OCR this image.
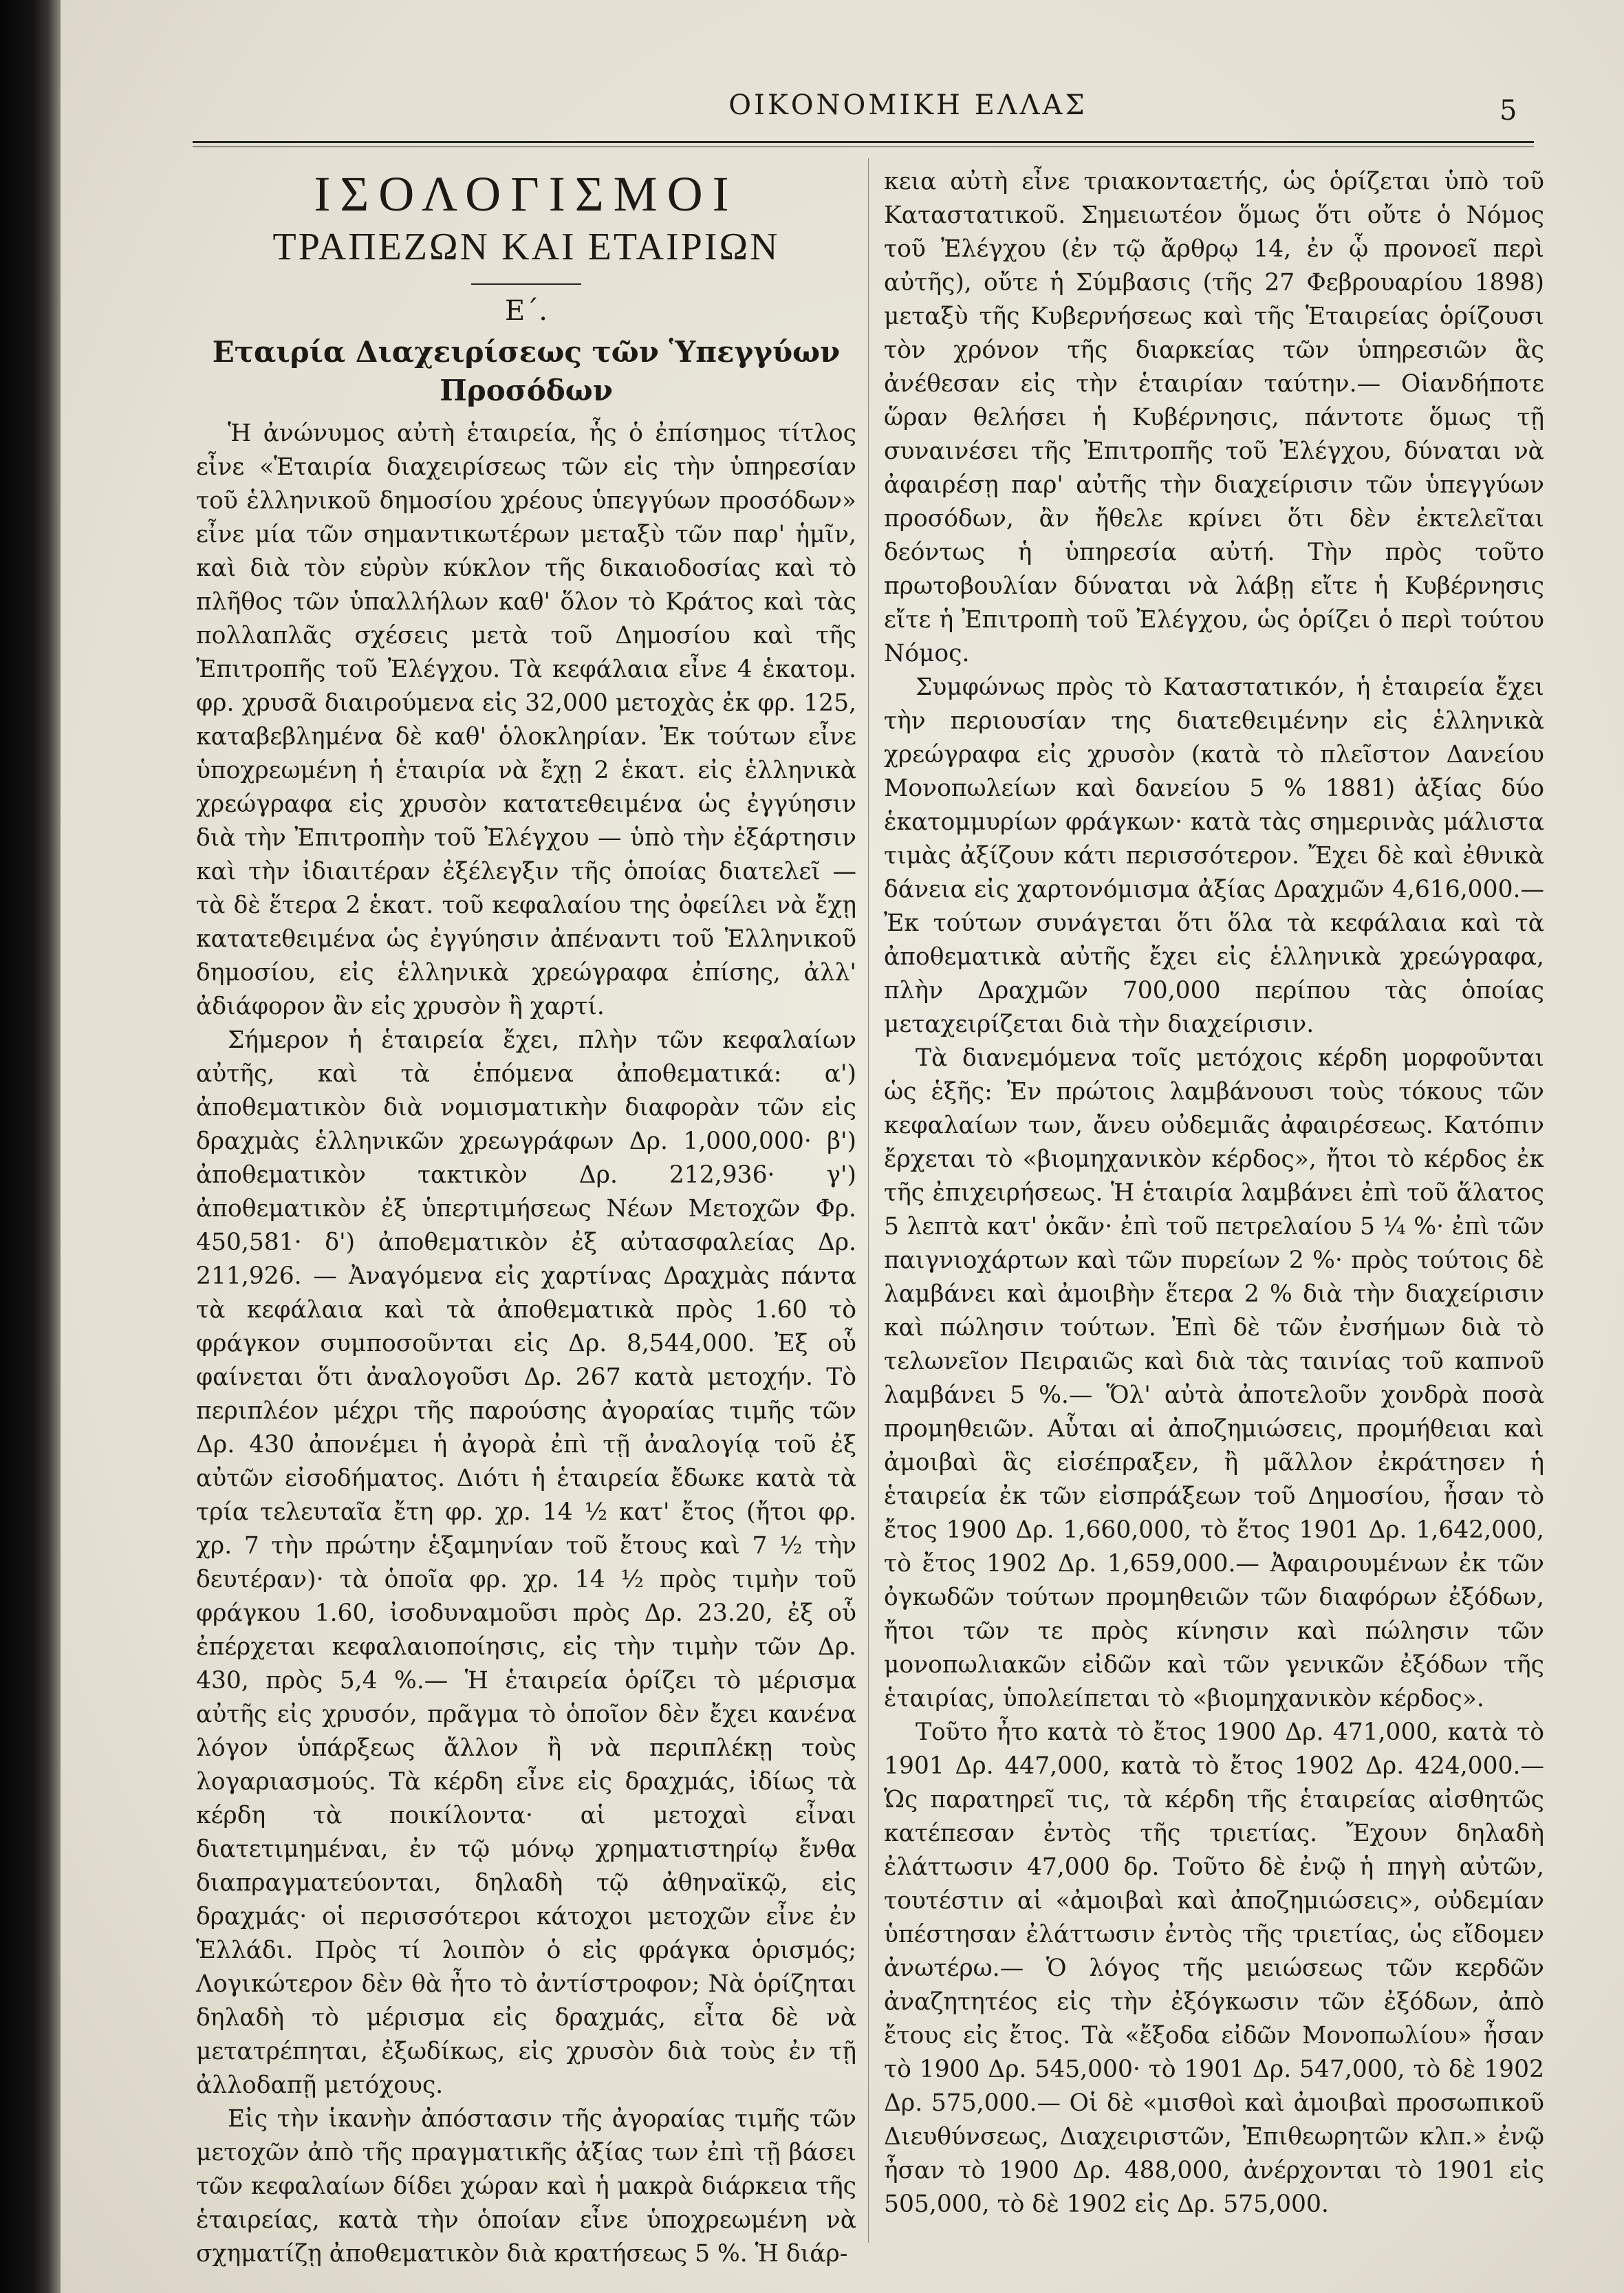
ΟΙΚΟΝΟΜΙΚΗ ΕΛΛΑΣ	5
ΙΣΟΛΟΓΙΣΜΟΙ
ΤΡΑΠΕΖΩΝ ΚΑΙ ΕΤΑΙΡΙΩΝ
Ε΄.
Εταιρία Διαχειρίσεως τῶν Ὑπεγγύων Προσόδων

Ἡ ἀνώνυμος αὐτὴ ἑταιρεία, ἧς ὁ ἐπίσημος τίτλος εἶνε «Ἑταιρία διαχειρίσεως τῶν εἰς τὴν ὑπηρεσίαν τοῦ ἑλληνικοῦ δημοσίου χρέους ὑπεγγύων προσόδων» εἶνε μία τῶν σημαντικωτέρων μεταξὺ τῶν παρ' ἡμῖν, καὶ διὰ τὸν εὐρὺν κύκλον τῆς δικαιοδοσίας καὶ τὸ πλῆθος τῶν ὑπαλλήλων καθ' ὅλον τὸ Κράτος καὶ τὰς πολλαπλᾶς σχέσεις μετὰ τοῦ Δημοσίου καὶ τῆς Ἐπιτροπῆς τοῦ Ἐλέγχου. Τὰ κεφάλαια εἶνε 4 ἑκατομ. φρ. χρυσᾶ διαιρούμενα εἰς 32,000 μετοχὰς ἐκ φρ. 125, καταβεβλημένα δὲ καθ' ὁλοκληρίαν. Ἐκ τούτων εἶνε ὑποχρεωμένη ἡ ἑταιρία νὰ ἔχῃ 2 ἑκατ. εἰς ἑλληνικὰ χρεώγραφα εἰς χρυσὸν κατατεθειμένα ὡς ἐγγύησιν διὰ τὴν Ἐπιτροπὴν τοῦ Ἐλέγχου — ὑπὸ τὴν ἐξάρτησιν καὶ τὴν ἰδιαιτέραν ἐξέλεγξιν τῆς ὁποίας διατελεῖ — τὰ δὲ ἕτερα 2 ἑκατ. τοῦ κεφαλαίου της ὀφείλει νὰ ἔχῃ κατατεθειμένα ὡς ἐγγύησιν ἀπέναντι τοῦ Ἑλληνικοῦ δημοσίου, εἰς ἑλληνικὰ χρεώγραφα ἐπίσης, ἀλλ' ἀδιάφορον ἂν εἰς χρυσὸν ἢ χαρτί.

Σήμερον ἡ ἑταιρεία ἔχει, πλὴν τῶν κεφαλαίων αὐτῆς, καὶ τὰ ἑπόμενα ἀποθεματικά: α') ἀποθεματικὸν διὰ νομισματικὴν διαφορὰν τῶν εἰς δραχμὰς ἑλληνικῶν χρεωγράφων Δρ. 1,000,000· β') ἀποθεματικὸν τακτικὸν Δρ. 212,936· γ') ἀποθεματικὸν ἐξ ὑπερτιμήσεως Νέων Μετοχῶν Φρ. 450,581· δ') ἀποθεματικὸν ἐξ αὐτασφαλείας Δρ. 211,926. — Ἀναγόμενα εἰς χαρτίνας Δραχμὰς πάντα τὰ κεφάλαια καὶ τὰ ἀποθεματικὰ πρὸς 1.60 τὸ φράγκον συμποσοῦνται εἰς Δρ. 8,544,000. Ἐξ οὗ φαίνεται ὅτι ἀναλογοῦσι Δρ. 267 κατὰ μετοχήν. Τὸ περιπλέον μέχρι τῆς παρούσης ἀγοραίας τιμῆς τῶν Δρ. 430 ἀπονέμει ἡ ἀγορὰ ἐπὶ τῇ ἀναλογίᾳ τοῦ ἐξ αὐτῶν εἰσοδήματος. Διότι ἡ ἑταιρεία ἔδωκε κατὰ τὰ τρία τελευταῖα ἔτη φρ. χρ. 14 ½ κατ' ἔτος (ἤτοι φρ. χρ. 7 τὴν πρώτην ἑξαμηνίαν τοῦ ἔτους καὶ 7 ½ τὴν δευτέραν)· τὰ ὁποῖα φρ. χρ. 14 ½ πρὸς τιμὴν τοῦ φράγκου 1.60, ἰσοδυναμοῦσι πρὸς Δρ. 23.20, ἐξ οὗ ἐπέρχεται κεφαλαιοποίησις, εἰς τὴν τιμὴν τῶν Δρ. 430, πρὸς 5,4 %.— Ἡ ἑταιρεία ὁρίζει τὸ μέρισμα αὐτῆς εἰς χρυσόν, πρᾶγμα τὸ ὁποῖον δὲν ἔχει κανένα λόγον ὑπάρξεως ἄλλον ἢ νὰ περιπλέκῃ τοὺς λογαριασμούς. Τὰ κέρδη εἶνε εἰς δραχμάς, ἰδίως τὰ κέρδη τὰ ποικίλοντα· αἱ μετοχαὶ εἶναι διατετιμημέναι, ἐν τῷ μόνῳ χρηματιστηρίῳ ἔνθα διαπραγματεύονται, δηλαδὴ τῷ ἀθηναϊκῷ, εἰς δραχμάς· οἱ περισσότεροι κάτοχοι μετοχῶν εἶνε ἐν Ἑλλάδι. Πρὸς τί λοιπὸν ὁ εἰς φράγκα ὁρισμός; Λογικώτερον δὲν θὰ ἦτο τὸ ἀντίστροφον; Νὰ ὁρίζηται δηλαδὴ τὸ μέρισμα εἰς δραχμάς, εἶτα δὲ νὰ μετατρέπηται, ἐξωδίκως, εἰς χρυσὸν διὰ τοὺς ἐν τῇ ἀλλοδαπῇ μετόχους.

Εἰς τὴν ἱκανὴν ἀπόστασιν τῆς ἀγοραίας τιμῆς τῶν μετοχῶν ἀπὸ τῆς πραγματικῆς ἀξίας των ἐπὶ τῇ βάσει τῶν κεφαλαίων δίδει χώραν καὶ ἡ μακρὰ διάρκεια τῆς ἑταιρείας, κατὰ τὴν ὁποίαν εἶνε ὑποχρεωμένη νὰ σχηματίζῃ ἀποθεματικὸν διὰ κρατήσεως 5 %. Ἡ διάρ-

κεια αὐτὴ εἶνε τριακονταετής, ὡς ὁρίζεται ὑπὸ τοῦ Καταστατικοῦ. Σημειωτέον ὅμως ὅτι οὔτε ὁ Νόμος τοῦ Ἐλέγχου (ἐν τῷ ἄρθρῳ 14, ἐν ᾧ προνοεῖ περὶ αὐτῆς), οὔτε ἡ Σύμβασις (τῆς 27 Φεβρουαρίου 1898) μεταξὺ τῆς Κυβερνήσεως καὶ τῆς Ἑταιρείας ὁρίζουσι τὸν χρόνον τῆς διαρκείας τῶν ὑπηρεσιῶν ἃς ἀνέθεσαν εἰς τὴν ἑταιρίαν ταύτην.— Οἱανδήποτε ὥραν θελήσει ἡ Κυβέρνησις, πάντοτε ὅμως τῇ συναινέσει τῆς Ἐπιτροπῆς τοῦ Ἐλέγχου, δύναται νὰ ἀφαιρέσῃ παρ' αὐτῆς τὴν διαχείρισιν τῶν ὑπεγγύων προσόδων, ἂν ἤθελε κρίνει ὅτι δὲν ἐκτελεῖται δεόντως ἡ ὑπηρεσία αὐτή. Τὴν πρὸς τοῦτο πρωτοβουλίαν δύναται νὰ λάβῃ εἴτε ἡ Κυβέρνησις εἴτε ἡ Ἐπιτροπὴ τοῦ Ἐλέγχου, ὡς ὁρίζει ὁ περὶ τούτου Νόμος.

Συμφώνως πρὸς τὸ Καταστατικόν, ἡ ἑταιρεία ἔχει τὴν περιουσίαν της διατεθειμένην εἰς ἑλληνικὰ χρεώγραφα εἰς χρυσὸν (κατὰ τὸ πλεῖστον Δανείου Μονοπωλείων καὶ δανείου 5 % 1881) ἀξίας δύο ἑκατομμυρίων φράγκων· κατὰ τὰς σημερινὰς μάλιστα τιμὰς ἀξίζουν κάτι περισσότερον. Ἔχει δὲ καὶ ἐθνικὰ δάνεια εἰς χαρτονόμισμα ἀξίας Δραχμῶν 4,616,000.— Ἐκ τούτων συνάγεται ὅτι ὅλα τὰ κεφάλαια καὶ τὰ ἀποθεματικὰ αὐτῆς ἔχει εἰς ἑλληνικὰ χρεώγραφα, πλὴν Δραχμῶν 700,000 περίπου τὰς ὁποίας μεταχειρίζεται διὰ τὴν διαχείρισιν.

Τὰ διανεμόμενα τοῖς μετόχοις κέρδη μορφοῦνται ὡς ἑξῆς: Ἐν πρώτοις λαμβάνουσι τοὺς τόκους τῶν κεφαλαίων των, ἄνευ οὐδεμιᾶς ἀφαιρέσεως. Κατόπιν ἔρχεται τὸ «βιομηχανικὸν κέρδος», ἤτοι τὸ κέρδος ἐκ τῆς ἐπιχειρήσεως. Ἡ ἑταιρία λαμβάνει ἐπὶ τοῦ ἅλατος 5 λεπτὰ κατ' ὀκᾶν· ἐπὶ τοῦ πετρελαίου 5 ¼ %· ἐπὶ τῶν παιγνιοχάρτων καὶ τῶν πυρείων 2 %· πρὸς τούτοις δὲ λαμβάνει καὶ ἀμοιβὴν ἕτερα 2 % διὰ τὴν διαχείρισιν καὶ πώλησιν τούτων. Ἐπὶ δὲ τῶν ἐνσήμων διὰ τὸ τελωνεῖον Πειραιῶς καὶ διὰ τὰς ταινίας τοῦ καπνοῦ λαμβάνει 5 %.— Ὅλ' αὐτὰ ἀποτελοῦν χονδρὰ ποσὰ προμηθειῶν. Αὗται αἱ ἀποζημιώσεις, προμήθειαι καὶ ἀμοιβαὶ ἃς εἰσέπραξεν, ἢ μᾶλλον ἐκράτησεν ἡ ἑταιρεία ἐκ τῶν εἰσπράξεων τοῦ Δημοσίου, ἦσαν τὸ ἔτος 1900 Δρ. 1,660,000, τὸ ἔτος 1901 Δρ. 1,642,000, τὸ ἔτος 1902 Δρ. 1,659,000.— Ἀφαιρουμένων ἐκ τῶν ὀγκωδῶν τούτων προμηθειῶν τῶν διαφόρων ἐξόδων, ἤτοι τῶν τε πρὸς κίνησιν καὶ πώλησιν τῶν μονοπωλιακῶν εἰδῶν καὶ τῶν γενικῶν ἐξόδων τῆς ἑταιρίας, ὑπολείπεται τὸ «βιομηχανικὸν κέρδος».

Τοῦτο ἦτο κατὰ τὸ ἔτος 1900 Δρ. 471,000, κατὰ τὸ 1901 Δρ. 447,000, κατὰ τὸ ἔτος 1902 Δρ. 424,000.— Ὡς παρατηρεῖ τις, τὰ κέρδη τῆς ἑταιρείας αἰσθητῶς κατέπεσαν ἐντὸς τῆς τριετίας. Ἔχουν δηλαδὴ ἐλάττωσιν 47,000 δρ. Τοῦτο δὲ ἐνῷ ἡ πηγὴ αὐτῶν, τουτέστιν αἱ «ἀμοιβαὶ καὶ ἀποζημιώσεις», οὐδεμίαν ὑπέστησαν ἐλάττωσιν ἐντὸς τῆς τριετίας, ὡς εἴδομεν ἀνωτέρω.— Ὁ λόγος τῆς μειώσεως τῶν κερδῶν ἀναζητητέος εἰς τὴν ἐξόγκωσιν τῶν ἐξόδων, ἀπὸ ἔτους εἰς ἔτος. Τὰ «ἔξοδα εἰδῶν Μονοπωλίου» ἦσαν τὸ 1900 Δρ. 545,000· τὸ 1901 Δρ. 547,000, τὸ δὲ 1902 Δρ. 575,000.— Οἱ δὲ «μισθοὶ καὶ ἀμοιβαὶ προσωπικοῦ Διευθύνσεως, Διαχειριστῶν, Ἐπιθεωρητῶν κλπ.» ἐνῷ ἦσαν τὸ 1900 Δρ. 488,000, ἀνέρχονται τὸ 1901 εἰς 505,000, τὸ δὲ 1902 εἰς Δρ. 575,000.
